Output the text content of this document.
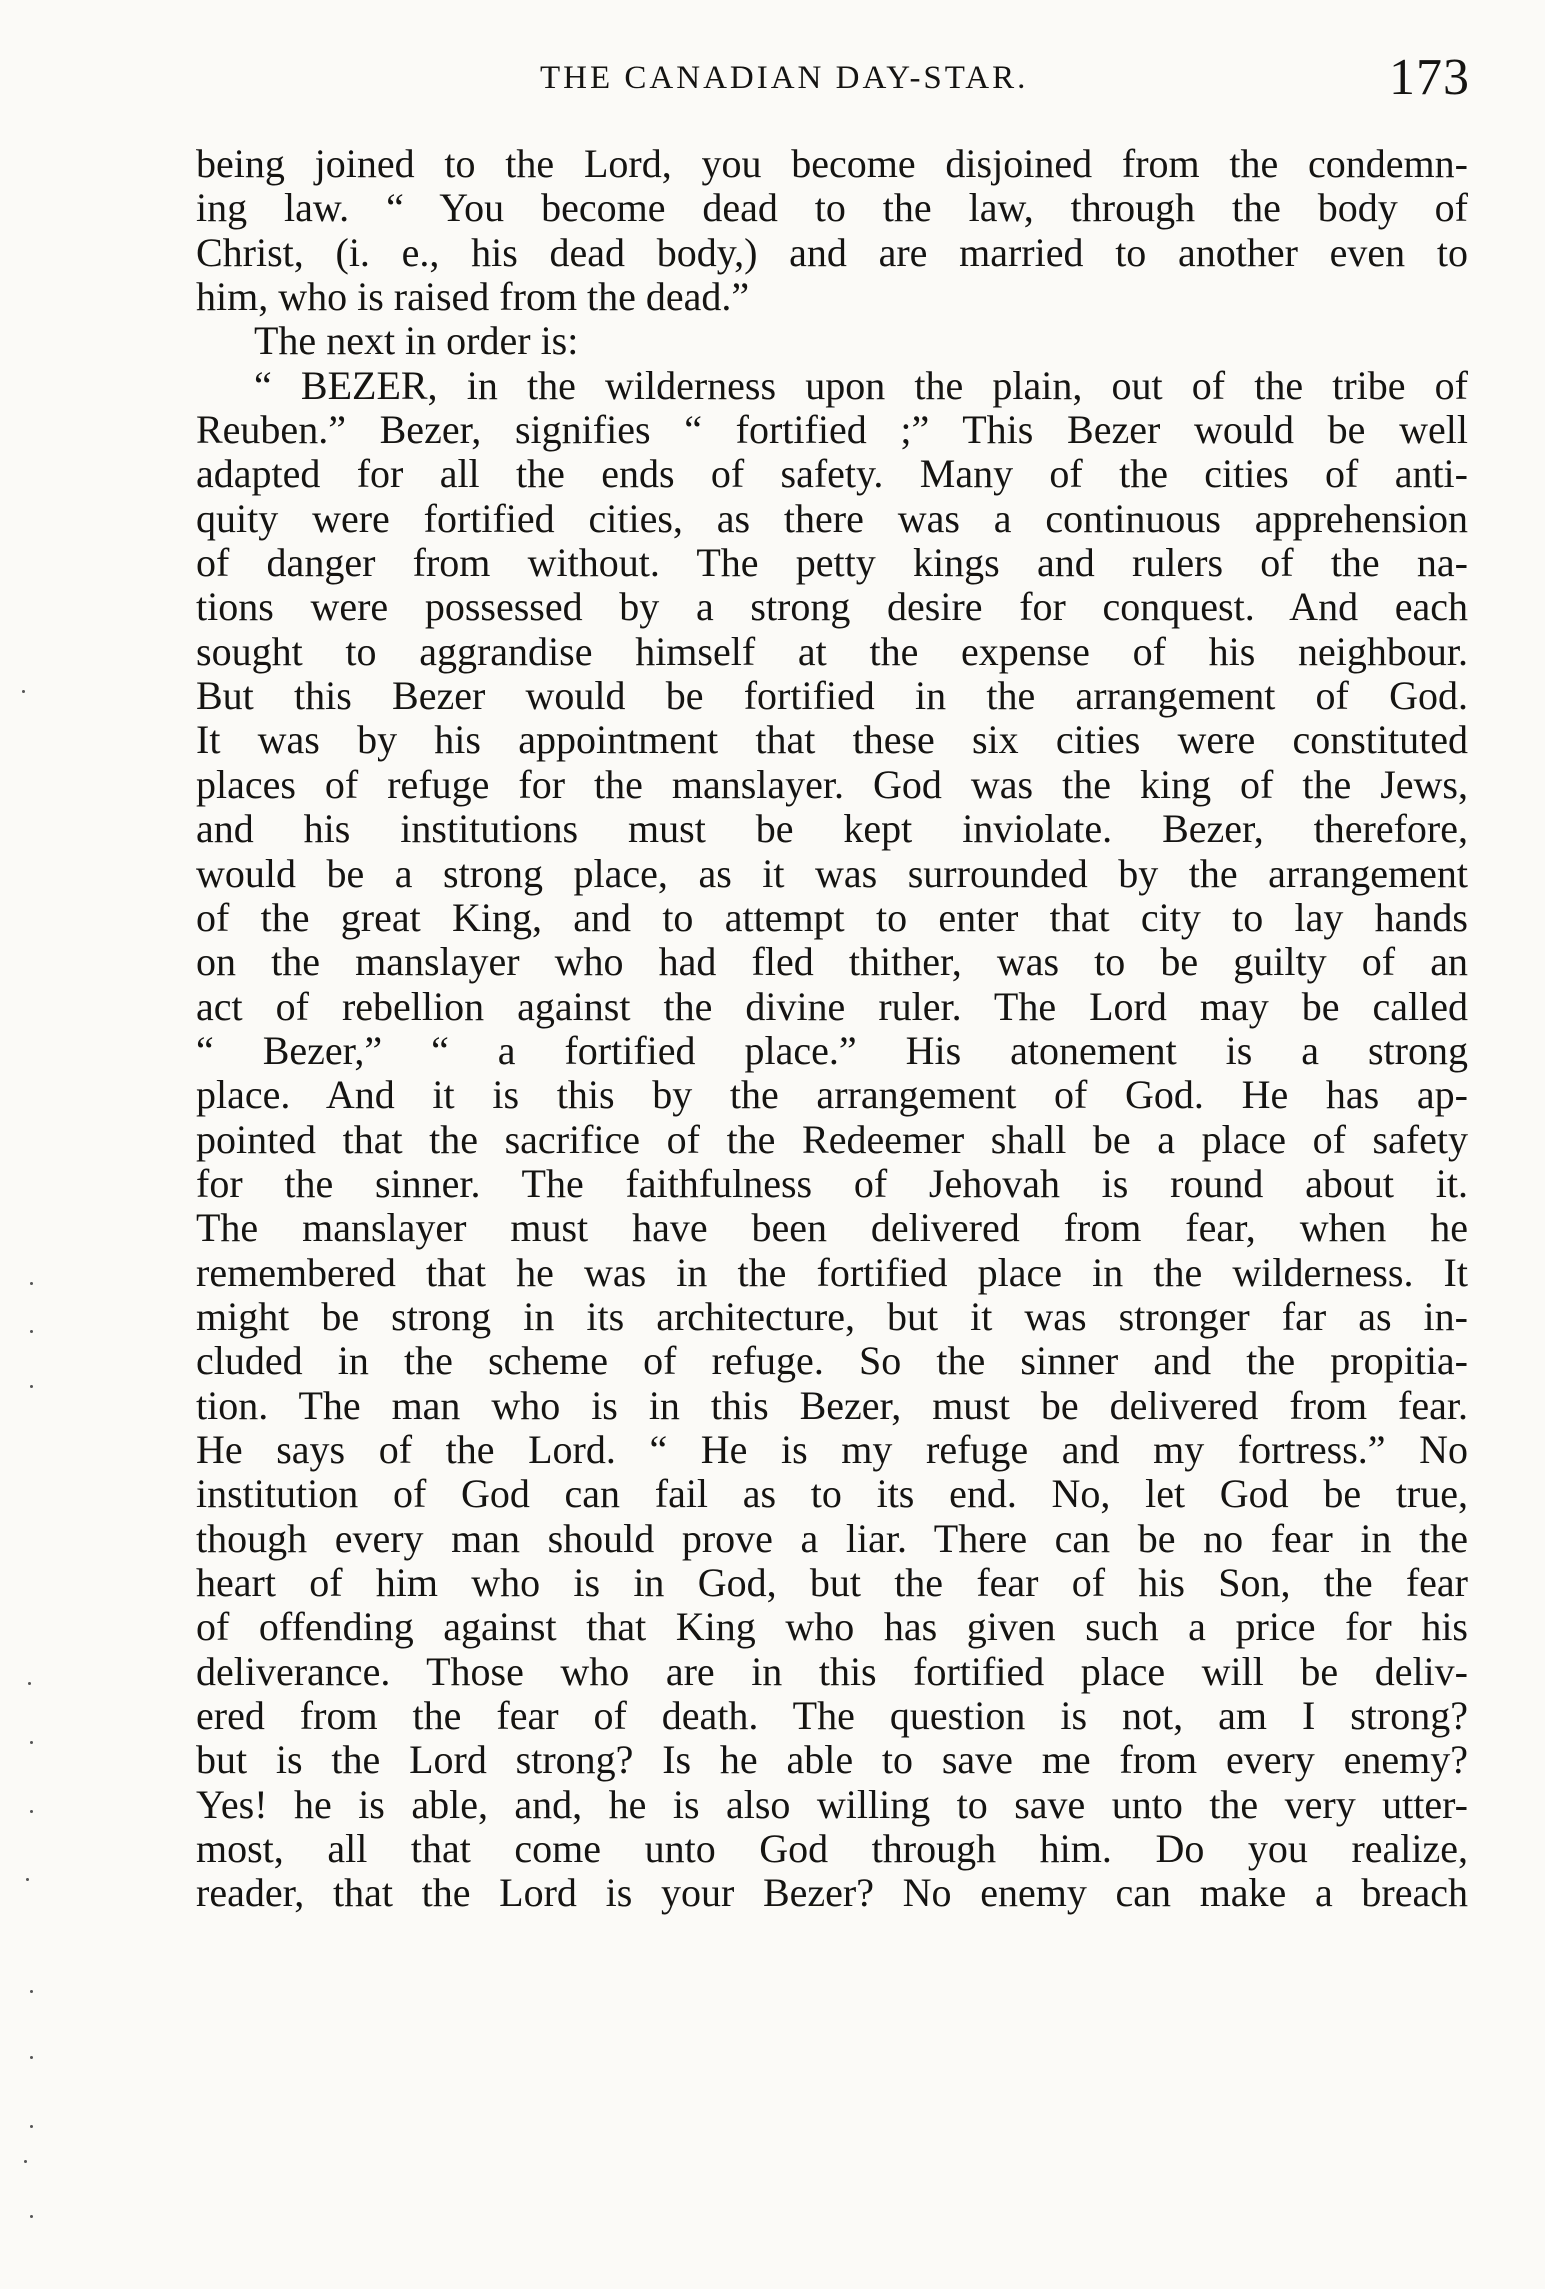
THE CANADIAN DAY-STAR.	173
being joined to the Lord, you become disjoined from the condemn-
ing law. “ You become dead to the law, through the body of
Christ, (i. e., his dead body,) and are married to another even to
him, who is raised from the dead.”
The next in order is:
“ BEZER, in the wilderness upon the plain, out of the tribe of
Reuben.” Bezer, signifies “ fortified ;” This Bezer would be well
adapted for all the ends of safety. Many of the cities of anti-
quity were fortified cities, as there was a continuous apprehension
of danger from without. The petty kings and rulers of the na-
tions were possessed by a strong desire for conquest. And each
sought to aggrandise himself at the expense of his neighbour.
But this Bezer would be fortified in the arrangement of God.
It was by his appointment that these six cities were constituted
places of refuge for the manslayer. God was the king of the Jews,
and his institutions must be kept inviolate. Bezer, therefore,
would be a strong place, as it was surrounded by the arrangement
of the great King, and to attempt to enter that city to lay hands
on the manslayer who had fled thither, was to be guilty of an
act of rebellion against the divine ruler. The Lord may be called
“ Bezer,” “ a fortified place.” His atonement is a strong
place. And it is this by the arrangement of God. He has ap-
pointed that the sacrifice of the Redeemer shall be a place of safety
for the sinner. The faithfulness of Jehovah is round about it.
The manslayer must have been delivered from fear, when he
remembered that he was in the fortified place in the wilderness. It
might be strong in its architecture, but it was stronger far as in-
cluded in the scheme of refuge. So the sinner and the propitia-
tion. The man who is in this Bezer, must be delivered from fear.
He says of the Lord. “ He is my refuge and my fortress.” No
institution of God can fail as to its end. No, let God be true,
though every man should prove a liar. There can be no fear in the
heart of him who is in God, but the fear of his Son, the fear
of offending against that King who has given such a price for his
deliverance. Those who are in this fortified place will be deliv-
ered from the fear of death. The question is not, am I strong?
but is the Lord strong? Is he able to save me from every enemy?
Yes! he is able, and, he is also willing to save unto the very utter-
most, all that come unto God through him. Do you realize,
reader, that the Lord is your Bezer? No enemy can make a breach
